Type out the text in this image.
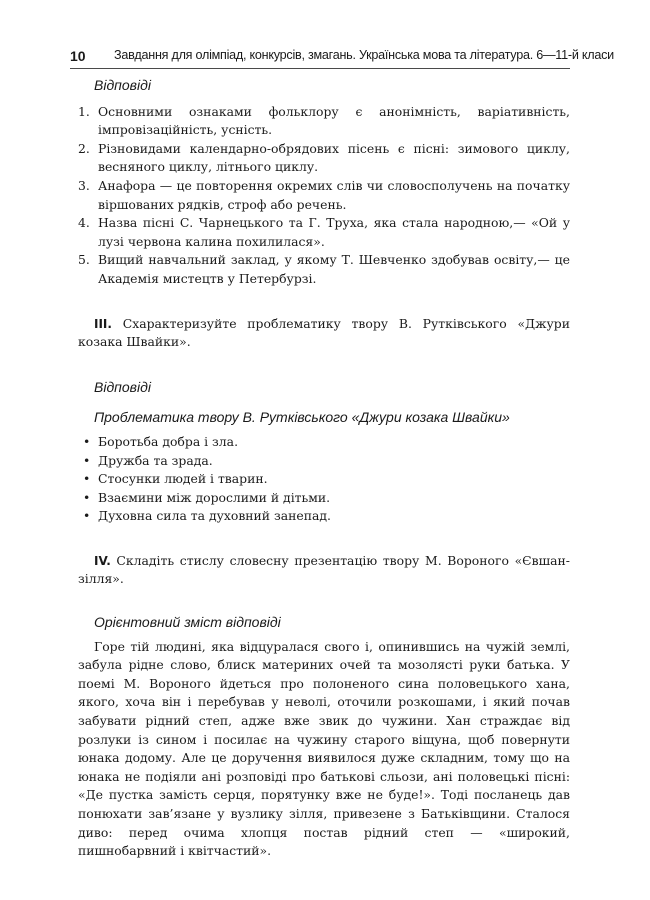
10 Завдання для олімпіад, конкурсів, змагань. Українська мова та література. 6—11-й класи

Відповіді

1. Основними ознаками фольклору є анонімність, варіативність, імпровізаційність, усність.
2. Різновидами календарно-обрядових пісень є пісні: зимового циклу, весняного циклу, літнього циклу.
3. Анафора — це повторення окремих слів чи словосполучень на початку віршованих рядків, строф або речень.
4. Назва пісні С. Чарнецького та Г. Труха, яка стала народною,— «Ой у лузі червона калина похилилася».
5. Вищий навчальний заклад, у якому Т. Шевченко здобував освіту,— це Академія мистецтв у Петербурзі.

III. Схарактеризуйте проблематику твору В. Рутківського «Джури козака Швайки».

Відповіді

Проблематика твору В. Рутківського «Джури козака Швайки»

• Боротьба добра і зла.
• Дружба та зрада.
• Стосунки людей і тварин.
• Взаємини між дорослими й дітьми.
• Духовна сила та духовний занепад.

IV. Складіть стислу словесну презентацію твору М. Вороного «Євшан-зілля».

Орієнтовний зміст відповіді

Горе тій людині, яка відцуралася свого і, опинившись на чужій землі, забула рідне слово, блиск материних очей та мозолясті руки батька. У поемі М. Вороного йдеться про полоненого сина половецького хана, якого, хоча він і перебував у неволі, оточили розкошами, і який почав забувати рідний степ, адже вже звик до чужини. Хан страждає від розлуки із сином і посилає на чужину старого віщуна, щоб повернути юнака додому. Але це доручення виявилося дуже складним, тому що на юнака не подіяли ані розповіді про батькові сльози, ані половецькі пісні: «Де пустка замість серця, порятунку вже не буде!». Тоді посланець дав понюхати зав’язане у вузлику зілля, привезене з Батьківщини. Сталося диво: перед очима хлопця постав рідний степ — «широкий, пишнобарвний і квітчастий».
